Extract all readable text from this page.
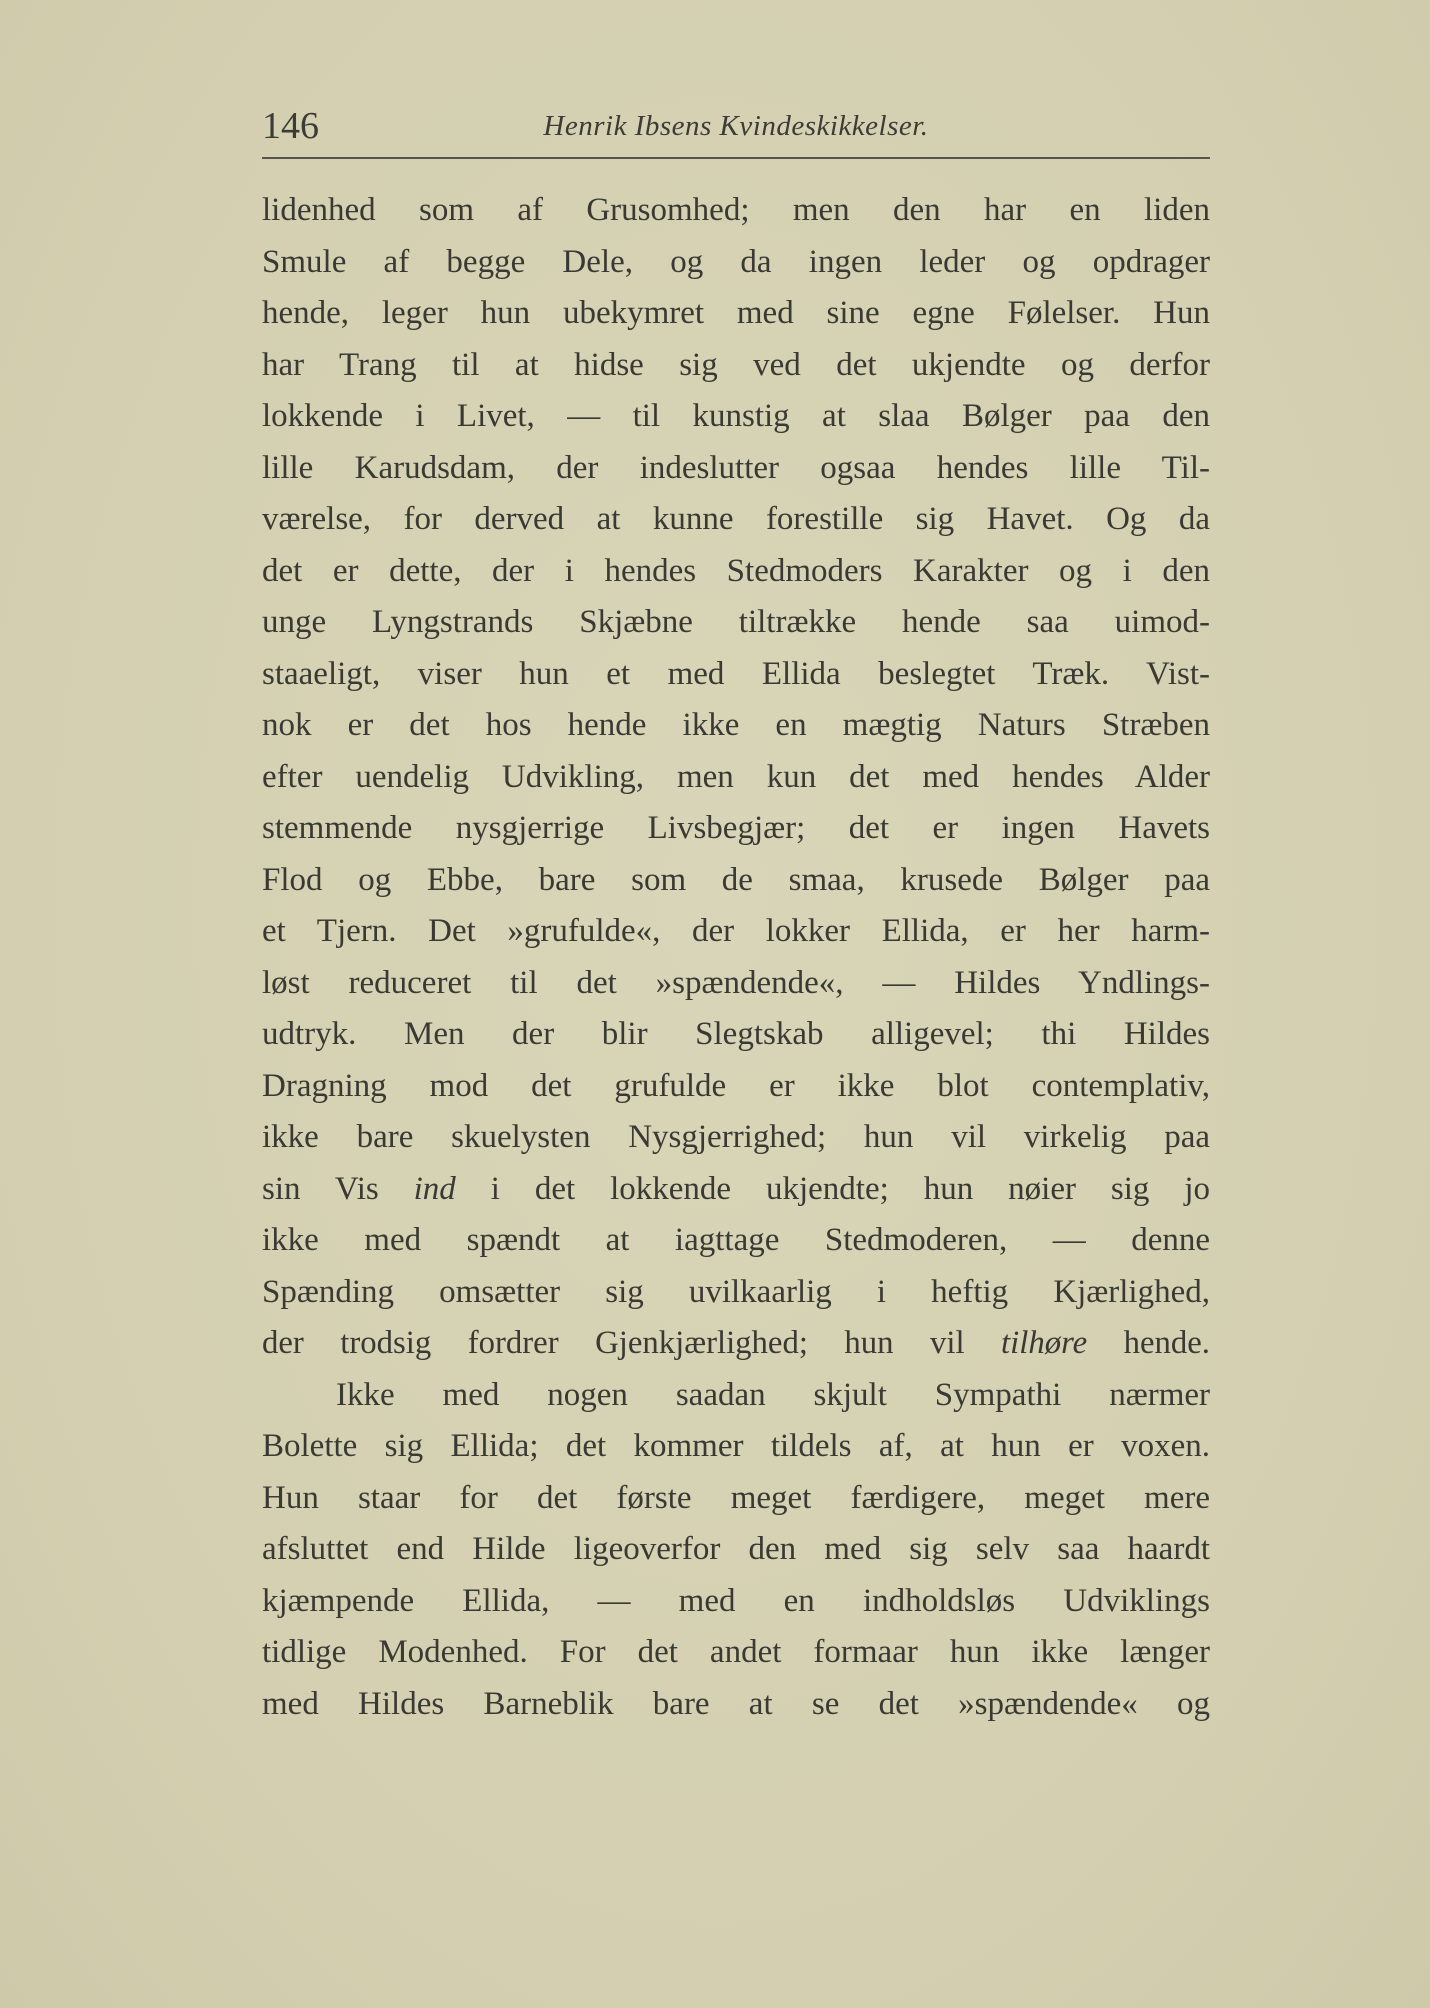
146	Henrik Ibsens Kvindeskikkelser.
lidenhed som af Grusomhed; men den har en liden
Smule af begge Dele, og da ingen leder og opdrager
hende, leger hun ubekymret med sine egne Følelser. Hun
har Trang til at hidse sig ved det ukjendte og derfor
lokkende i Livet, — til kunstig at slaa Bølger paa den
lille Karudsdam, der indeslutter ogsaa hendes lille Til-
værelse, for derved at kunne forestille sig Havet. Og da
det er dette, der i hendes Stedmoders Karakter og i den
unge Lyngstrands Skjæbne tiltrække hende saa uimod-
staaeligt, viser hun et med Ellida beslegtet Træk. Vist-
nok er det hos hende ikke en mægtig Naturs Stræben
efter uendelig Udvikling, men kun det med hendes Alder
stemmende nysgjerrige Livsbegjær; det er ingen Havets
Flod og Ebbe, bare som de smaa, krusede Bølger paa
et Tjern. Det »grufulde«, der lokker Ellida, er her harm-
løst reduceret til det »spændende«, — Hildes Yndlings-
udtryk. Men der blir Slegtskab alligevel; thi Hildes
Dragning mod det grufulde er ikke blot contemplativ,
ikke bare skuelysten Nysgjerrighed; hun vil virkelig paa
sin Vis ind i det lokkende ukjendte; hun nøier sig jo
ikke med spændt at iagttage Stedmoderen, — denne
Spænding omsætter sig uvilkaarlig i heftig Kjærlighed,
der trodsig fordrer Gjenkjærlighed; hun vil tilhøre hende.
Ikke med nogen saadan skjult Sympathi nærmer
Bolette sig Ellida; det kommer tildels af, at hun er voxen.
Hun staar for det første meget færdigere, meget mere
afsluttet end Hilde ligeoverfor den med sig selv saa haardt
kjæmpende Ellida, — med en indholdsløs Udviklings
tidlige Modenhed. For det andet formaar hun ikke længer
med Hildes Barneblik bare at se det »spændende« og
